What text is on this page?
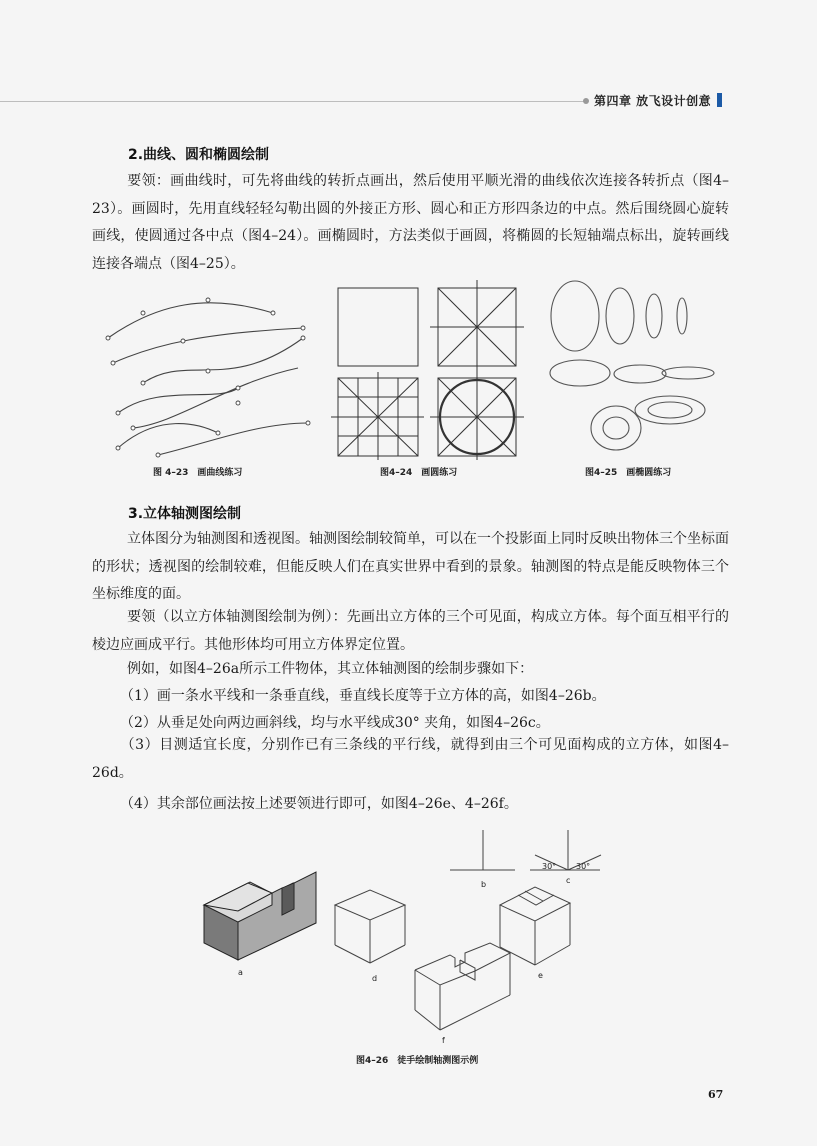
第四章 放飞设计创意
2.曲线、圆和椭圆绘制
要领：画曲线时，可先将曲线的转折点画出，然后使用平顺光滑的曲线依次连接各转折点（图4–23）。画圆时，先用直线轻轻勾勒出圆的外接正方形、圆心和正方形四条边的中点。然后围绕圆心旋转画线，使圆通过各中点（图4–24）。画椭圆时，方法类似于画圆，将椭圆的长短轴端点标出，旋转画线连接各端点（图4–25）。
图 4–23　画曲线练习	图4–24　画圆练习	图4–25　画椭圆练习
3.立体轴测图绘制
立体图分为轴测图和透视图。轴测图绘制较简单，可以在一个投影面上同时反映出物体三个坐标面的形状；透视图的绘制较难，但能反映人们在真实世界中看到的景象。轴测图的特点是能反映物体三个坐标维度的面。
要领（以立方体轴测图绘制为例）：先画出立方体的三个可见面，构成立方体。每个面互相平行的棱边应画成平行。其他形体均可用立方体界定位置。
例如，如图4–26a所示工件物体，其立体轴测图的绘制步骤如下：
（1）画一条水平线和一条垂直线，垂直线长度等于立方体的高，如图4–26b。
（2）从垂足处向两边画斜线，均与水平线成30° 夹角，如图4–26c。
（3）目测适宜长度，分别作已有三条线的平行线，就得到由三个可见面构成的立方体，如图4–26d。
（4）其余部位画法按上述要领进行即可，如图4–26e、4–26f。
a
b
30° 30°
c
d	e
f
图4–26　徒手绘制轴测图示例
67
